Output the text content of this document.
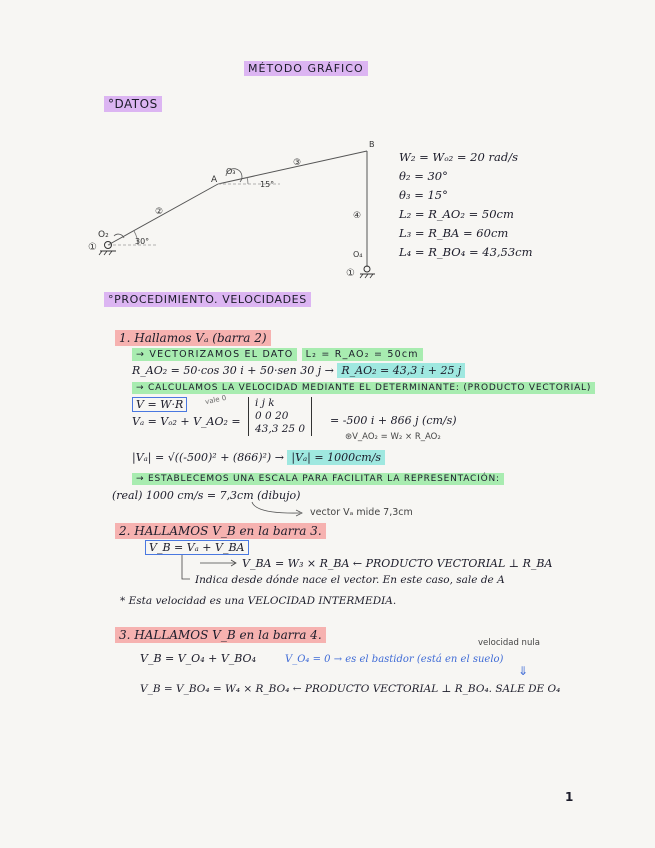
MÉTODO GRÁFICO
°DATOS
①
O₂
30°
②
A
O₃
15°
③
B
④
O₄
①
W₂ = Wₒ₂ = 20 rad/s
θ₂ = 30°
θ₃ = 15°
L₂ = R_AO₂ = 50cm
L₃ = R_BA = 60cm
L₄ = R_BO₄ = 43,53cm
°PROCEDIMIENTO. VELOCIDADES
1. Hallamos Vₐ (barra 2)
→ VECTORIZAMOS EL DATO L₂ = R_AO₂ = 50cm
R_AO₂ = 50·cos 30 i + 50·sen 30 j → R_AO₂ = 43,3 i + 25 j
→ CALCULAMOS LA VELOCIDAD MEDIANTE EL DETERMINANTE: (PRODUCTO VECTORIAL)
V = W·R	vale 0
Vₐ = Vₒ₂ + V_AO₂ =
i j k
0 0 20
43,3 25 0
= -500 i + 866 j (cm/s)
⊛V_AO₂ = W₂ × R_AO₂
|Vₐ| = √((-500)² + (866)²) → |Vₐ| = 1000cm/s
→ ESTABLECEMOS UNA ESCALA PARA FACILITAR LA REPRESENTACIÓN:
(real) 1000 cm/s = 7,3cm (dibujo)
vector Vₐ mide 7,3cm
2. HALLAMOS V_B en la barra 3.
V_B = Vₐ + V_BA
V_BA = W₃ × R_BA ← PRODUCTO VECTORIAL ⊥ R_BA
Indica desde dónde nace el vector. En este caso, sale de A
* Esta velocidad es una VELOCIDAD INTERMEDIA.
3. HALLAMOS V_B en la barra 4.
velocidad nula
V_B = V_O₄ + V_BO₄	V_O₄ = 0 → es el bastidor (está en el suelo)
⇓
V_B = V_BO₄ = W₄ × R_BO₄ ← PRODUCTO VECTORIAL ⊥ R_BO₄. SALE DE O₄
1
